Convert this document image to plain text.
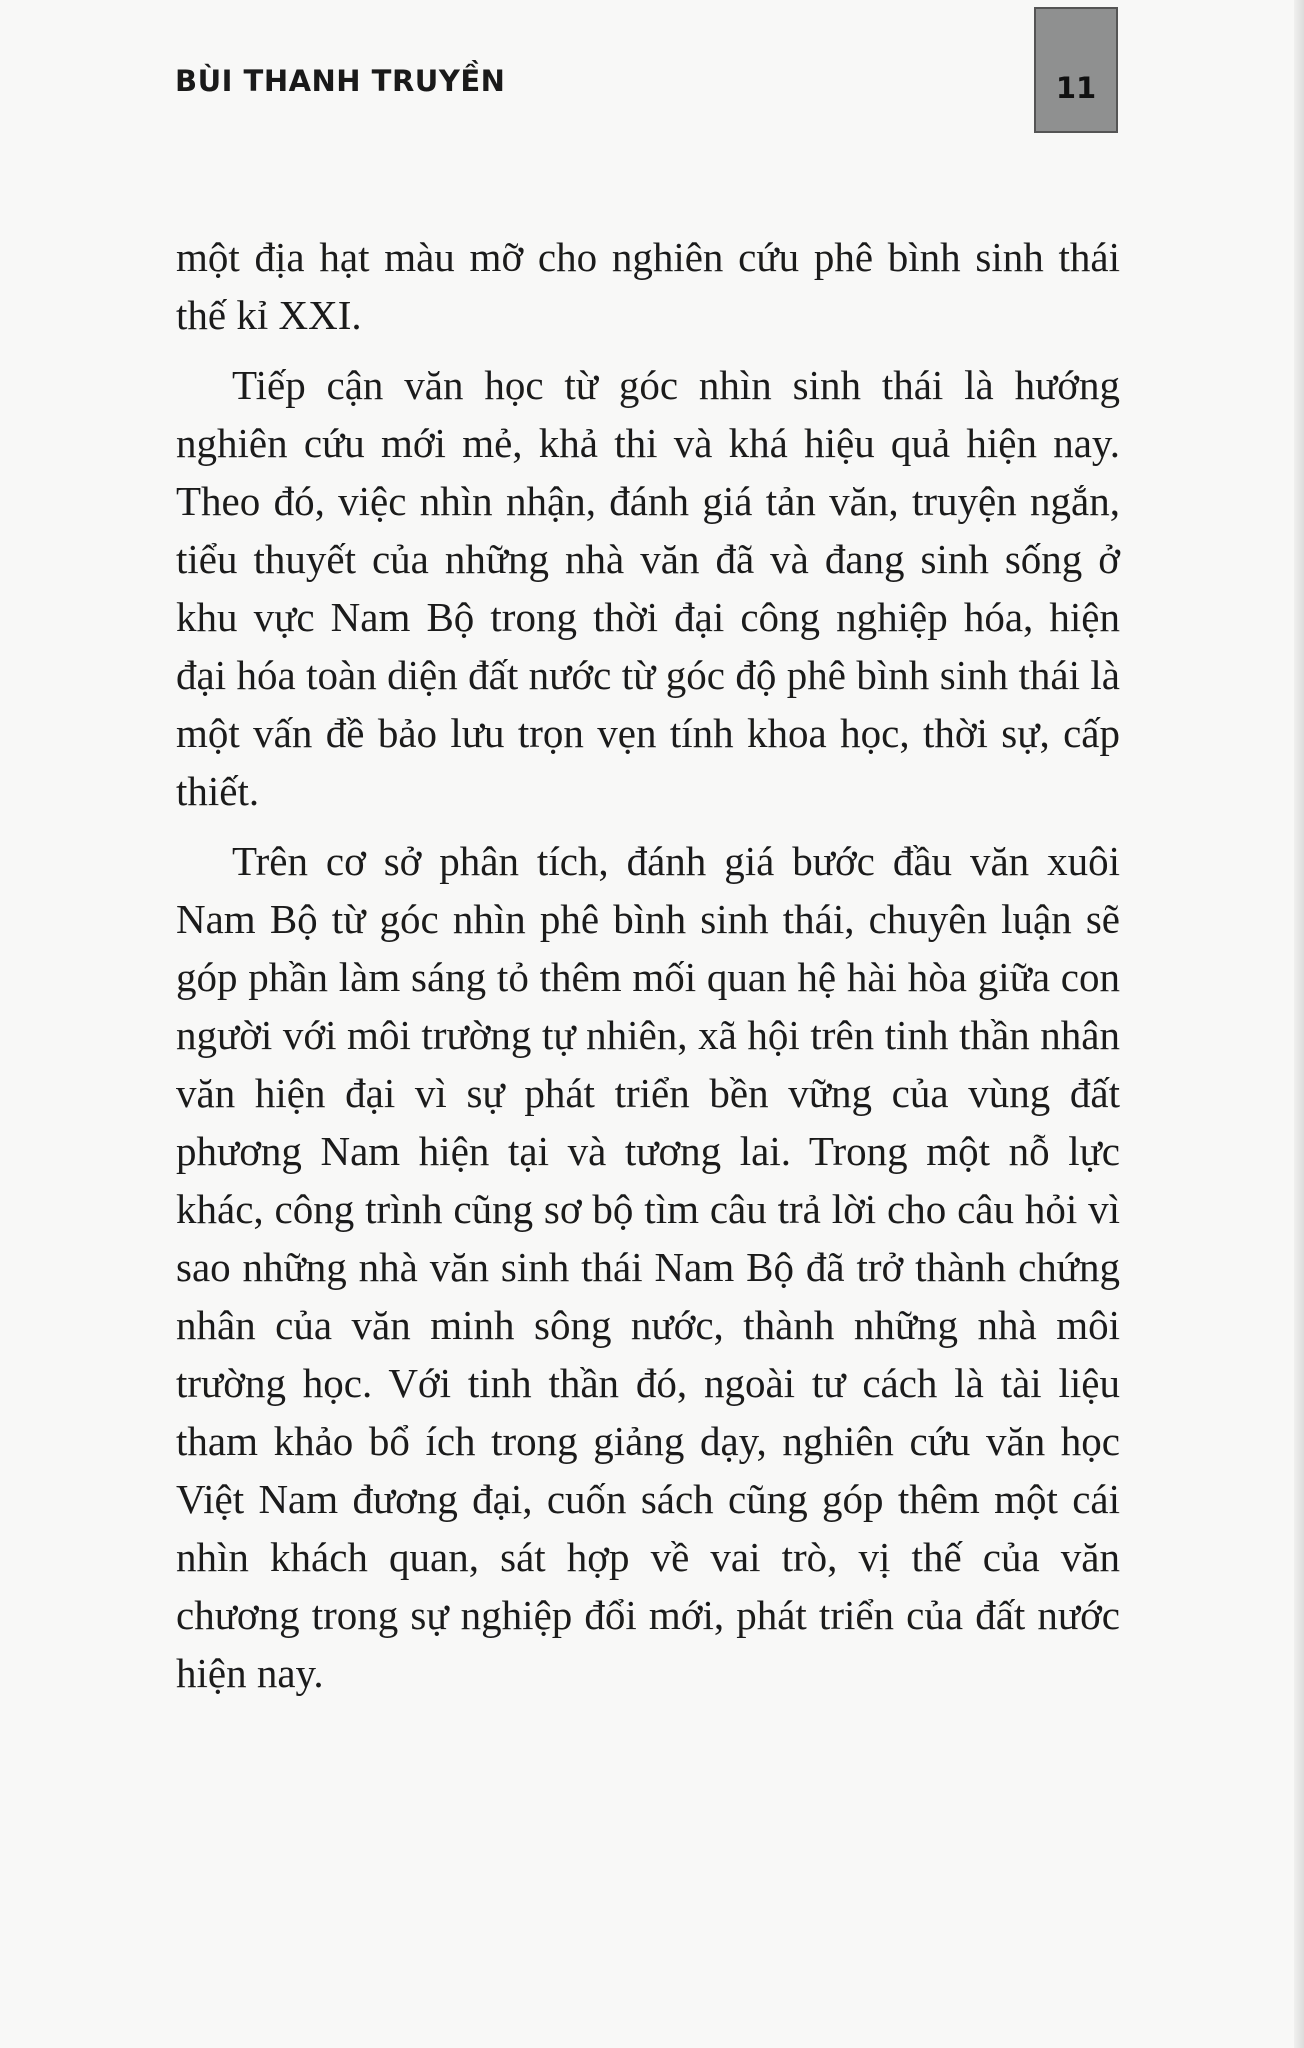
BÙI THANH TRUYỀN	11

một địa hạt màu mỡ cho nghiên cứu phê bình sinh thái thế kỉ XXI.

Tiếp cận văn học từ góc nhìn sinh thái là hướng nghiên cứu mới mẻ, khả thi và khá hiệu quả hiện nay. Theo đó, việc nhìn nhận, đánh giá tản văn, truyện ngắn, tiểu thuyết của những nhà văn đã và đang sinh sống ở khu vực Nam Bộ trong thời đại công nghiệp hóa, hiện đại hóa toàn diện đất nước từ góc độ phê bình sinh thái là một vấn đề bảo lưu trọn vẹn tính khoa học, thời sự, cấp thiết.

Trên cơ sở phân tích, đánh giá bước đầu văn xuôi Nam Bộ từ góc nhìn phê bình sinh thái, chuyên luận sẽ góp phần làm sáng tỏ thêm mối quan hệ hài hòa giữa con người với môi trường tự nhiên, xã hội trên tinh thần nhân văn hiện đại vì sự phát triển bền vững của vùng đất phương Nam hiện tại và tương lai. Trong một nỗ lực khác, công trình cũng sơ bộ tìm câu trả lời cho câu hỏi vì sao những nhà văn sinh thái Nam Bộ đã trở thành chứng nhân của văn minh sông nước, thành những nhà môi trường học. Với tinh thần đó, ngoài tư cách là tài liệu tham khảo bổ ích trong giảng dạy, nghiên cứu văn học Việt Nam đương đại, cuốn sách cũng góp thêm một cái nhìn khách quan, sát hợp về vai trò, vị thế của văn chương trong sự nghiệp đổi mới, phát triển của đất nước hiện nay.
